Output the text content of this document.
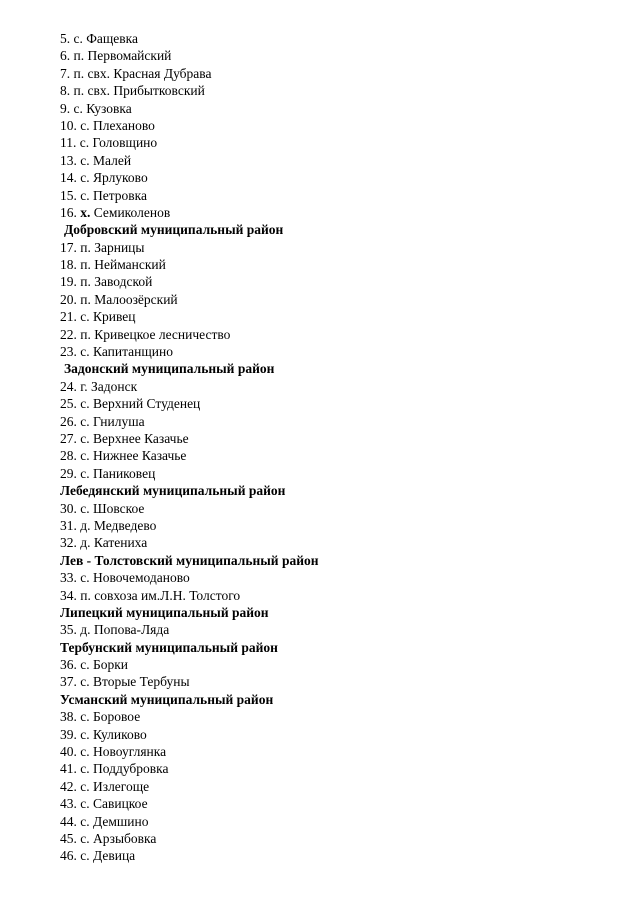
5. с. Фащевка
6. п. Первомайский
7. п. свх. Красная Дубрава
8. п. свх. Прибытковский
9. с. Кузовка
10. с. Плеханово
11. с. Головщино
13. с. Малей
14. с. Ярлуково
15. с. Петровка
16. х. Семиколенов
Добровский муниципальный район
17. п. Зарницы
18. п. Нейманский
19. п. Заводской
20. п. Малоозёрский
21. с. Кривец
22. п. Кривецкое лесничество
23. с. Капитанщино
Задонский муниципальный район
24. г. Задонск
25. с. Верхний Студенец
26. с. Гнилуша
27. с. Верхнее Казачье
28. с. Нижнее Казачье
29. с. Паниковец
Лебедянский муниципальный район
30. с. Шовское
31. д. Медведево
32. д. Катениха
Лев - Толстовский муниципальный район
33. с. Новочемоданово
34. п. совхоза им.Л.Н. Толстого
Липецкий муниципальный район
35. д. Попова-Ляда
Тербунский муниципальный район
36. с. Борки
37. с. Вторые Тербуны
Усманский муниципальный район
38. с. Боровое
39. с. Куликово
40. с. Новоуглянка
41. с. Поддубровка
42. с. Излегоще
43. с. Савицкое
44. с. Демшино
45. с. Арзыбовка
46. с. Девица
